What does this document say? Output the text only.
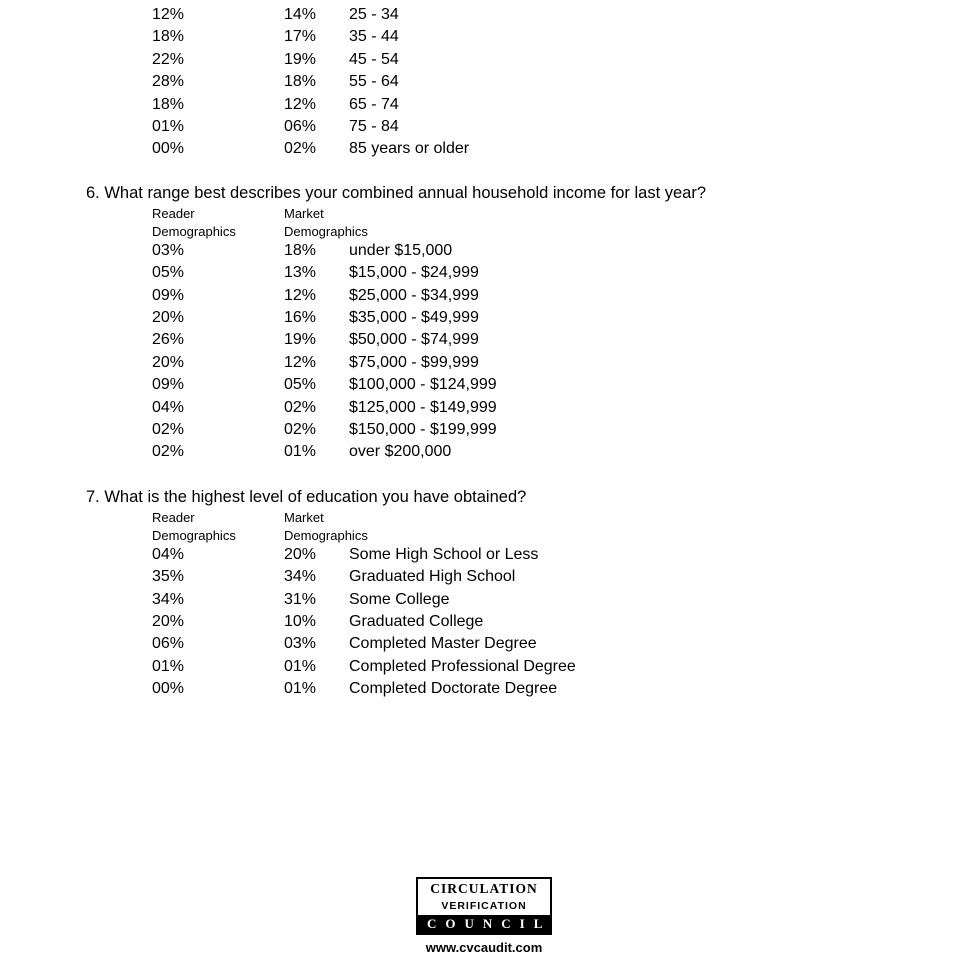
12%	14% 25 - 34
18%	17% 35 - 44
22%	19% 45 - 54
28%	18% 55 - 64
18%	12% 65 - 74
01%	06% 75 - 84
00%	02% 85 years or older
6. What range best describes your combined annual household income for last year?
Reader
Demographics
Market
Demographics
03%	18% under $15,000
05%	13% $15,000 - $24,999
09%	12% $25,000 - $34,999
20%	16% $35,000 - $49,999
26%	19% $50,000 - $74,999
20%	12% $75,000 - $99,999
09%	05% $100,000 - $124,999
04%	02% $125,000 - $149,999
02%	02% $150,000 - $199,999
02%	01% over $200,000
7. What is the highest level of education you have obtained?
Reader
Demographics
Market
Demographics
04%	20% Some High School or Less
35%	34% Graduated High School
34%	31% Some College
20%	10% Graduated College
06%	03% Completed Master Degree
01%	01% Completed Professional Degree
00%	01% Completed Doctorate Degree
CIRCULATION
VERIFICATION
COUNCIL
www.cvcaudit.com
